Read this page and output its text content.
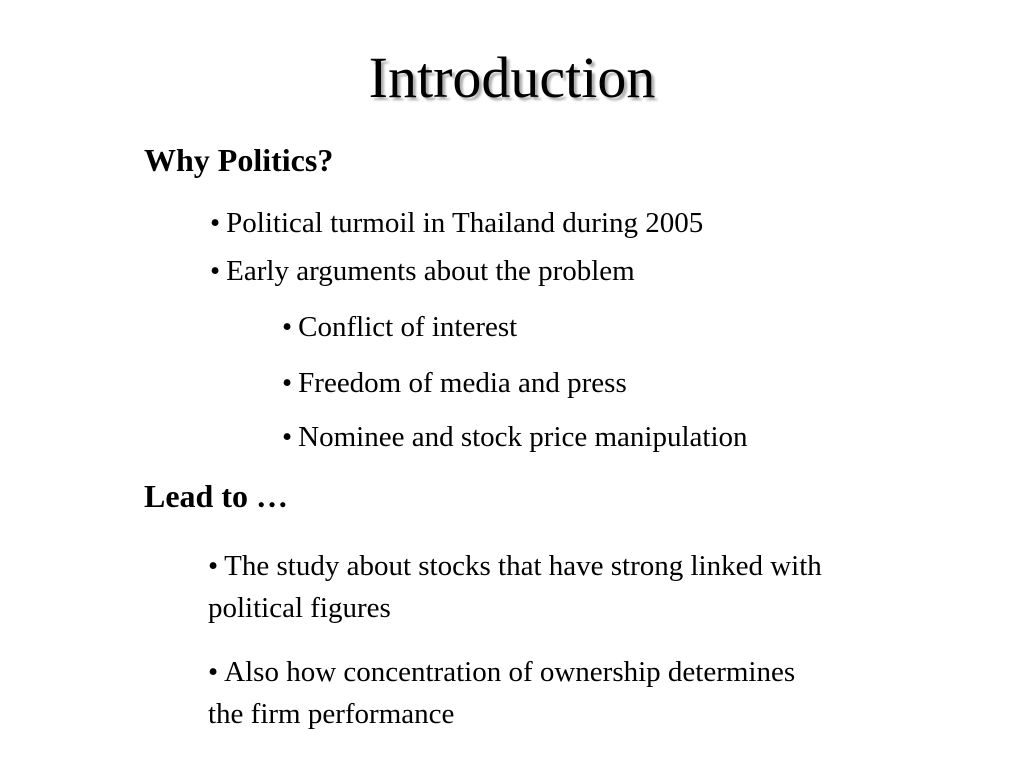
Introduction
Why Politics?
• Political turmoil in Thailand during 2005
• Early arguments about the problem
• Conflict of interest
• Freedom of media and press
• Nominee and stock price manipulation
Lead to …
• The study about stocks that have strong linked with political figures
• Also how concentration of ownership determines the firm performance
